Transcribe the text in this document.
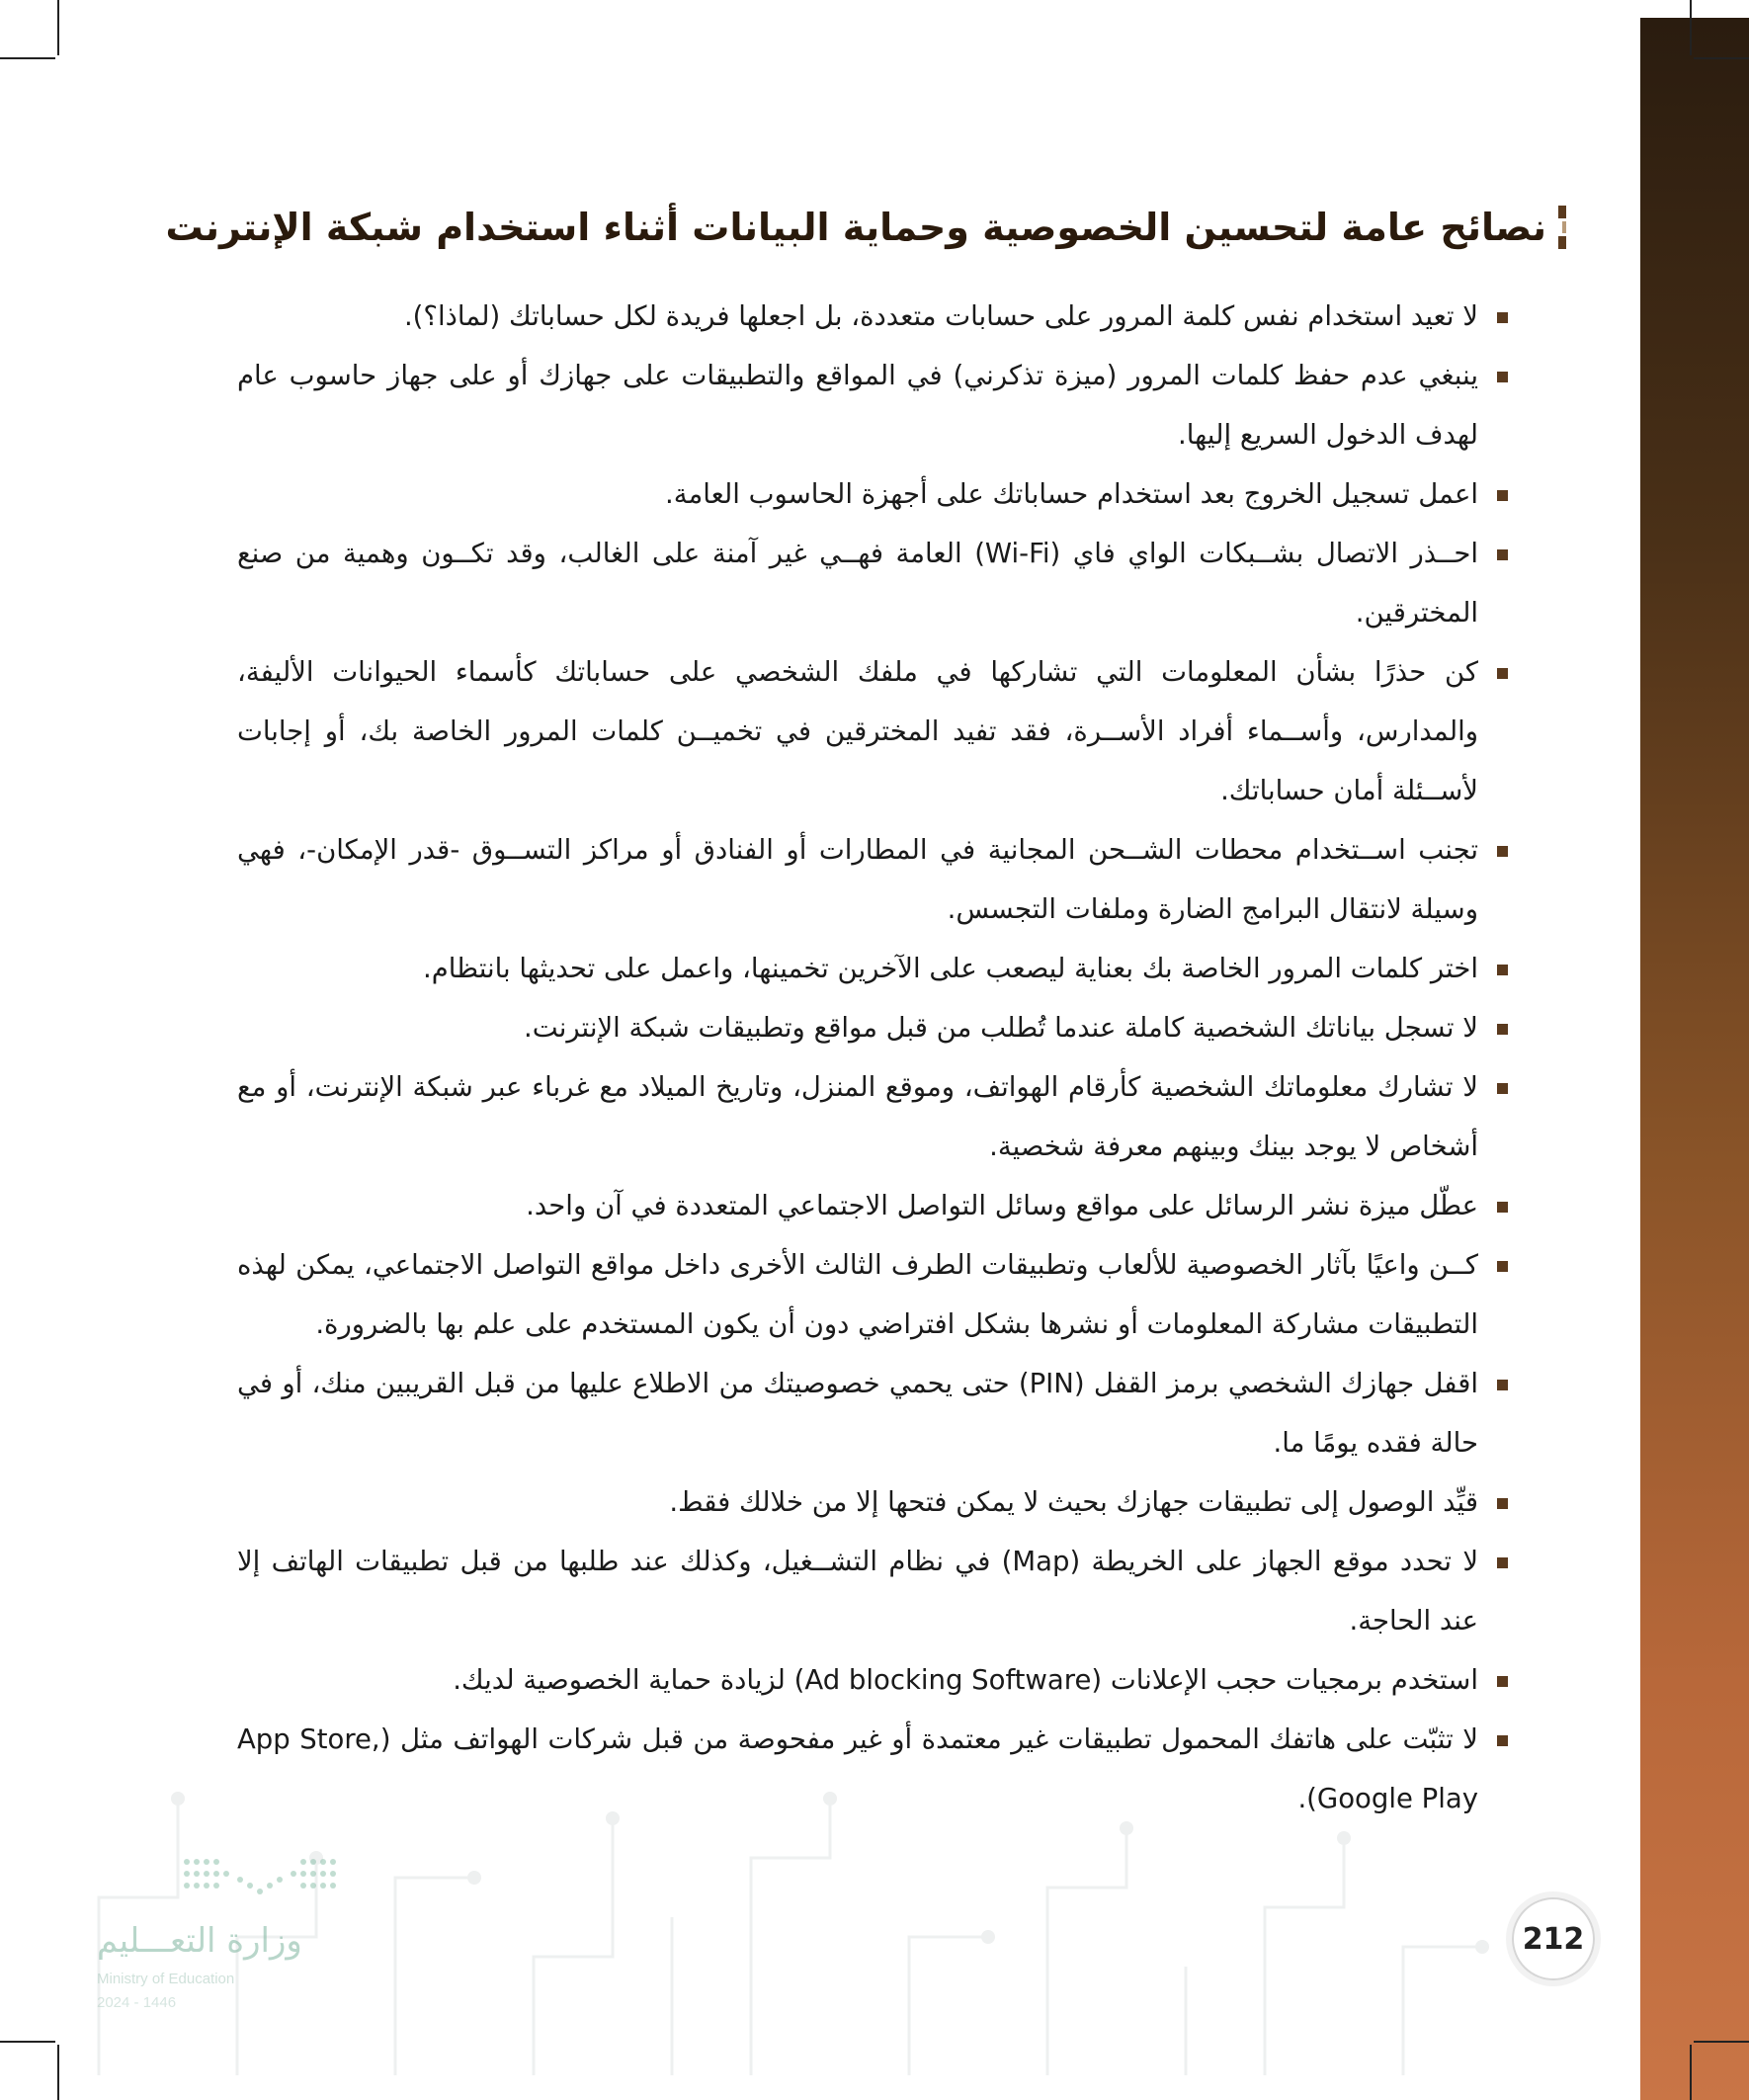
نصائح عامة لتحسين الخصوصية وحماية البيانات أثناء استخدام شبكة الإنترنت
لا تعيد استخدام نفس كلمة المرور على حسابات متعددة، بل اجعلها فريدة لكل حساباتك (لماذا؟).
ينبغي عدم حفظ كلمات المرور (ميزة تذكرني) في المواقع والتطبيقات على جهازك أو على جهاز حاسوب عام لهدف الدخول السريع إليها.
اعمل تسجيل الخروج بعد استخدام حساباتك على أجهزة الحاسوب العامة.
احــذر الاتصال بشــبكات الواي فاي (Wi-Fi) العامة فهــي غير آمنة على الغالب، وقد تكــون وهمية من صنع المخترقين.
كن حذرًا بشأن المعلومات التي تشاركها في ملفك الشخصي على حساباتك كأسماء الحيوانات الأليفة، والمدارس، وأســماء أفراد الأســرة، فقد تفيد المخترقين في تخميــن كلمات المرور الخاصة بك، أو إجابات لأســئلة أمان حساباتك.
تجنب اســتخدام محطات الشــحن المجانية في المطارات أو الفنادق أو مراكز التســوق -قدر الإمكان-، فهي وسيلة لانتقال البرامج الضارة وملفات التجسس.
اختر كلمات المرور الخاصة بك بعناية ليصعب على الآخرين تخمينها، واعمل على تحديثها بانتظام.
لا تسجل بياناتك الشخصية كاملة عندما تُطلب من قبل مواقع وتطبيقات شبكة الإنترنت.
لا تشارك معلوماتك الشخصية كأرقام الهواتف، وموقع المنزل، وتاريخ الميلاد مع غرباء عبر شبكة الإنترنت، أو مع أشخاص لا يوجد بينك وبينهم معرفة شخصية.
عطّل ميزة نشر الرسائل على مواقع وسائل التواصل الاجتماعي المتعددة في آن واحد.
كــن واعيًا بآثار الخصوصية للألعاب وتطبيقات الطرف الثالث الأخرى داخل مواقع التواصل الاجتماعي، يمكن لهذه التطبيقات مشاركة المعلومات أو نشرها بشكل افتراضي دون أن يكون المستخدم على علم بها بالضرورة.
اقفل جهازك الشخصي برمز القفل (PIN) حتى يحمي خصوصيتك من الاطلاع عليها من قبل القريبين منك، أو في حالة فقده يومًا ما.
قيِّد الوصول إلى تطبيقات جهازك بحيث لا يمكن فتحها إلا من خلالك فقط.
لا تحدد موقع الجهاز على الخريطة (Map) في نظام التشــغيل، وكذلك عند طلبها من قبل تطبيقات الهاتف إلا عند الحاجة.
استخدم برمجيات حجب الإعلانات (Ad blocking Software) لزيادة حماية الخصوصية لديك.
لا تثبّت على هاتفك المحمول تطبيقات غير معتمدة أو غير مفحوصة من قبل شركات الهواتف مثل (App Store, Google Play).
وزارة التعـــليم
Ministry of Education
2024 - 1446
212
